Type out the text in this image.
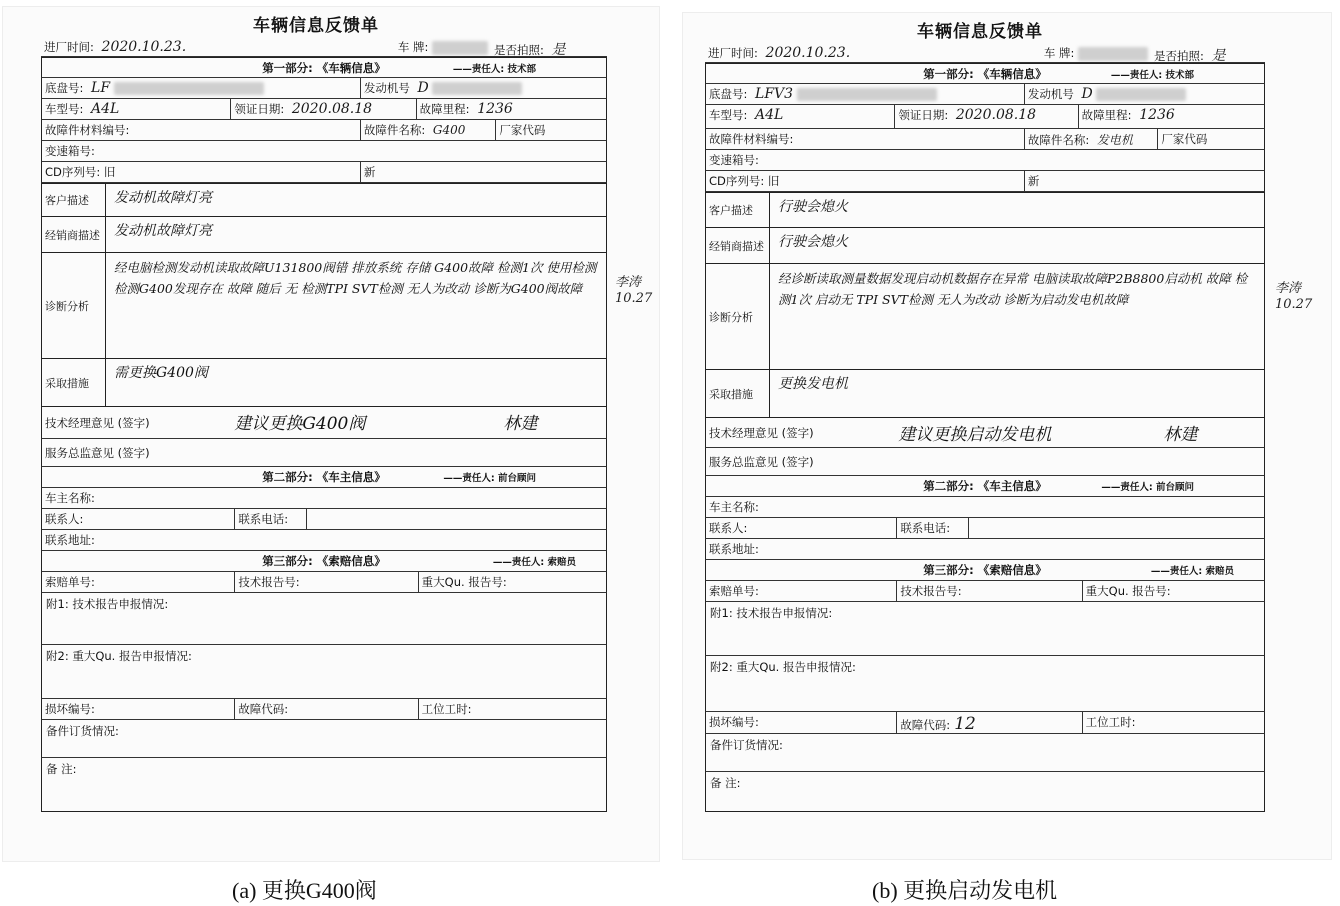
车辆信息反馈单
进厂时间: 2020.10.23.	车 牌:	是否拍照: 是
第一部分: 《车辆信息》	——责任人: 技术部
底盘号: LF	发动机号 D
车型号: A4L	领证日期: 2020.08.18	故障里程: 1236
故障件材料编号:	故障件名称: G400	厂家代码
变速箱号:
CD序列号: 旧	新
客户描述	发动机故障灯亮
经销商描述	发动机故障灯亮
诊断分析
经电脑检测发动机读取故障U131800阀错 排放系统 存储 G400故障 检测1次 使用检测 检测G400发现存在 故障 随后 无 检测TPI SVT检测 无人为改动 诊断为G400阀故障
采取措施
需更换G400阀
技术经理意见 (签字)	建议更换G400阀	林建
服务总监意见 (签字)
第二部分: 《车主信息》	——责任人: 前台顾问
车主名称:
联系人:	联系电话:
联系地址:
第三部分: 《索赔信息》	——责任人: 索赔员
索赔单号:	技术报告号:	重大Qu. 报告号:
附1: 技术报告申报情况:
附2: 重大Qu. 报告申报情况:
损坏编号:	故障代码:	工位工时:
备件订货情况:
备 注:
李涛 10.27
车辆信息反馈单
进厂时间: 2020.10.23.	车 牌:	是否拍照: 是
第一部分: 《车辆信息》	——责任人: 技术部
底盘号: LFV3	发动机号 D
车型号: A4L	领证日期: 2020.08.18	故障里程: 1236
故障件材料编号:	故障件名称: 发电机	厂家代码
变速箱号:
CD序列号: 旧	新
客户描述	行驶会熄火
经销商描述	行驶会熄火
诊断分析
经诊断读取测量数据发现启动机数据存在异常 电脑读取故障P2B8800启动机 故障 检测1次 启动无 TPI SVT检测 无人为改动 诊断为启动发电机故障
采取措施
更换发电机
技术经理意见 (签字)	建议更换启动发电机	林建
服务总监意见 (签字)
第二部分: 《车主信息》	——责任人: 前台顾问
车主名称:
联系人:	联系电话:
联系地址:
第三部分: 《索赔信息》	——责任人: 索赔员
索赔单号:	技术报告号:	重大Qu. 报告号:
附1: 技术报告申报情况:
附2: 重大Qu. 报告申报情况:
损坏编号:	故障代码: 12	工位工时:
备件订货情况:
备 注:
李涛 10.27
(a) 更换G400阀	(b) 更换启动发电机
